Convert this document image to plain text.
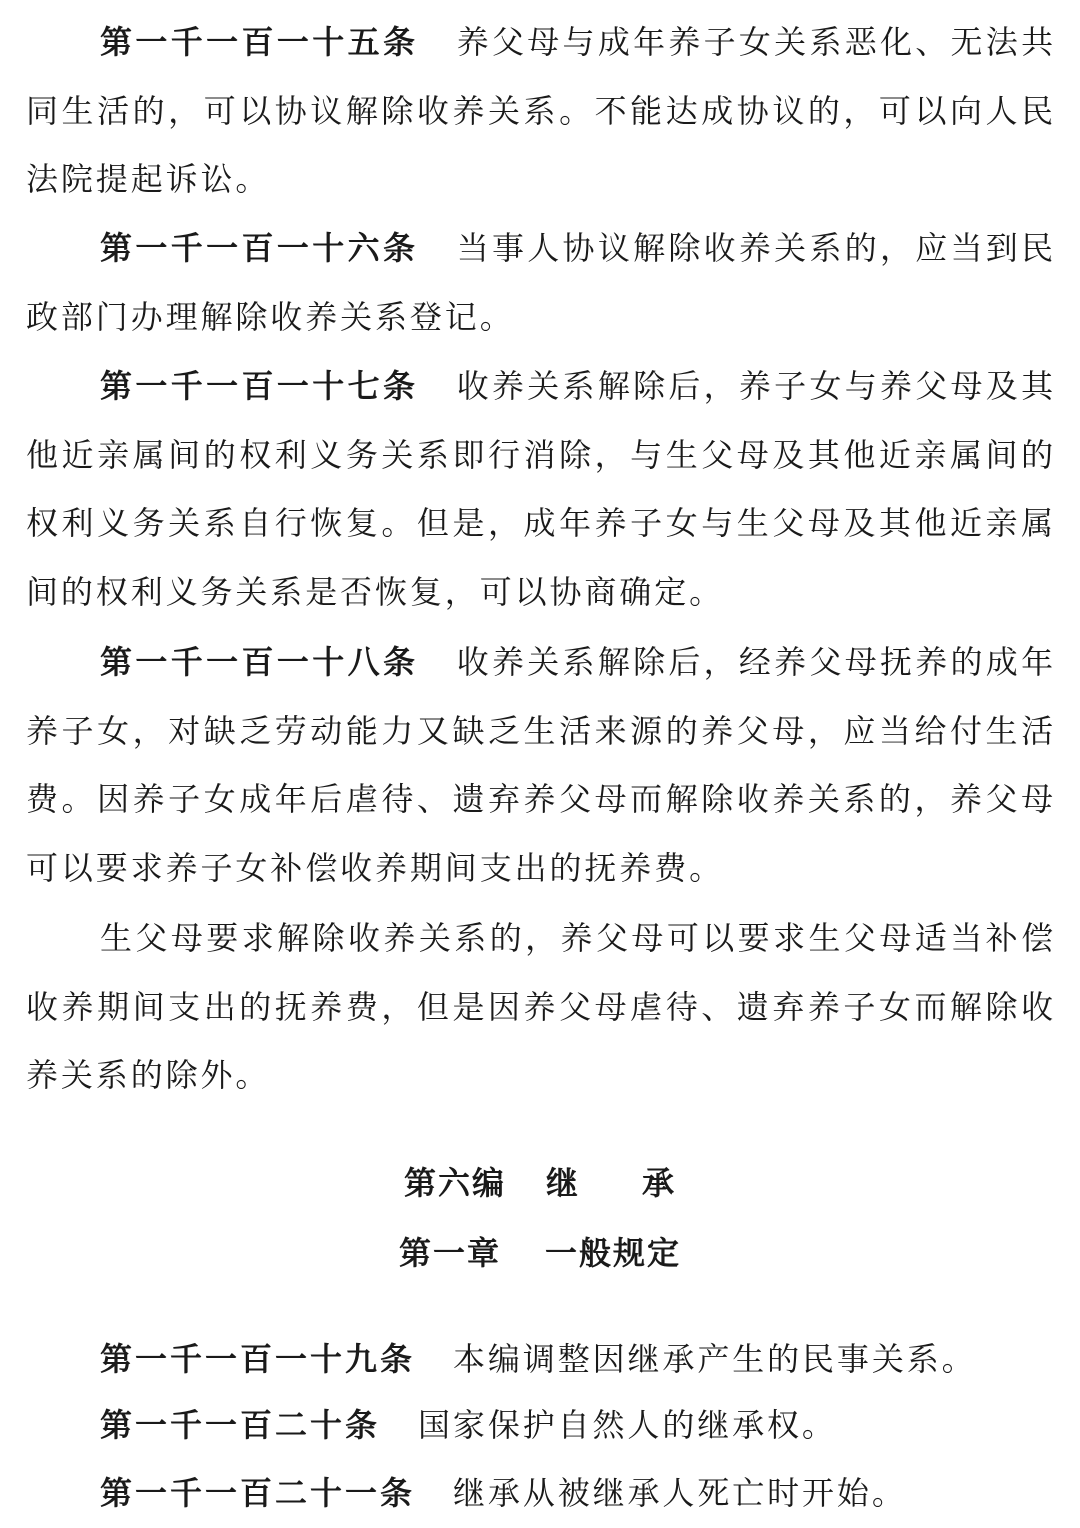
第一千一百一十五条 养父母与成年养子女关系恶化、无法共同生活的，可以协议解除收养关系。不能达成协议的，可以向人民法院提起诉讼。

第一千一百一十六条 当事人协议解除收养关系的，应当到民政部门办理解除收养关系登记。

第一千一百一十七条 收养关系解除后，养子女与养父母及其他近亲属间的权利义务关系即行消除，与生父母及其他近亲属间的权利义务关系自行恢复。但是，成年养子女与生父母及其他近亲属间的权利义务关系是否恢复，可以协商确定。

第一千一百一十八条 收养关系解除后，经养父母抚养的成年养子女，对缺乏劳动能力又缺乏生活来源的养父母，应当给付生活费。因养子女成年后虐待、遗弃养父母而解除收养关系的，养父母可以要求养子女补偿收养期间支出的抚养费。

生父母要求解除收养关系的，养父母可以要求生父母适当补偿收养期间支出的抚养费，但是因养父母虐待、遗弃养子女而解除收养关系的除外。

第六编 继 承

第一章 一般规定

第一千一百一十九条 本编调整因继承产生的民事关系。

第一千一百二十条 国家保护自然人的继承权。

第一千一百二十一条 继承从被继承人死亡时开始。
